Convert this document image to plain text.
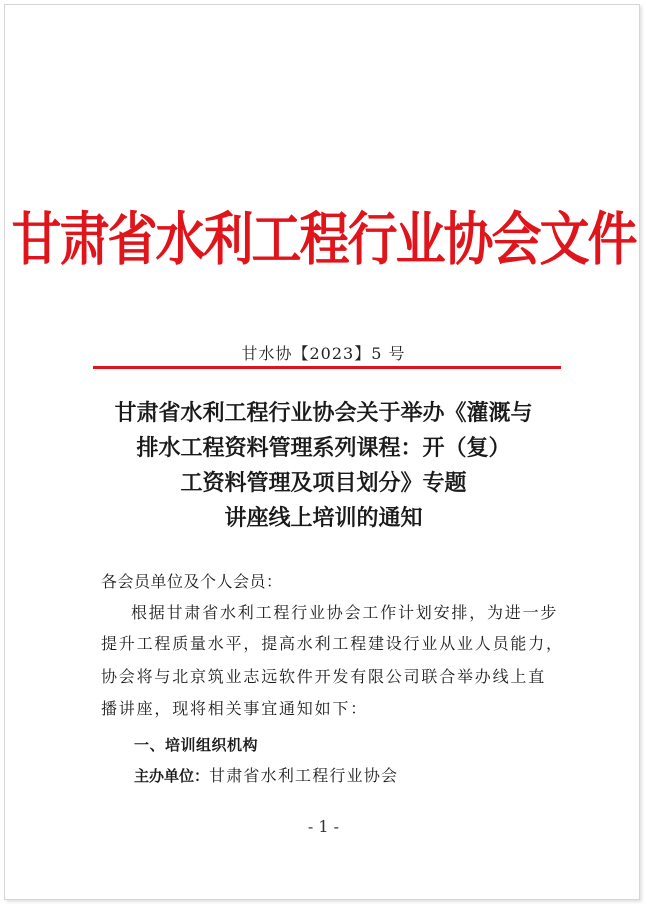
甘肃省水利工程行业协会文件
甘水协【2023】5 号
甘肃省水利工程行业协会关于举办《灌溉与
排水工程资料管理系列课程：开（复）
工资料管理及项目划分》专题
讲座线上培训的通知
各会员单位及个人会员：
根据甘肃省水利工程行业协会工作计划安排，为进一步
提升工程质量水平，提高水利工程建设行业从业人员能力，
协会将与北京筑业志远软件开发有限公司联合举办线上直
播讲座，现将相关事宜通知如下：
一、培训组织机构
主办单位：甘肃省水利工程行业协会
- 1 -
